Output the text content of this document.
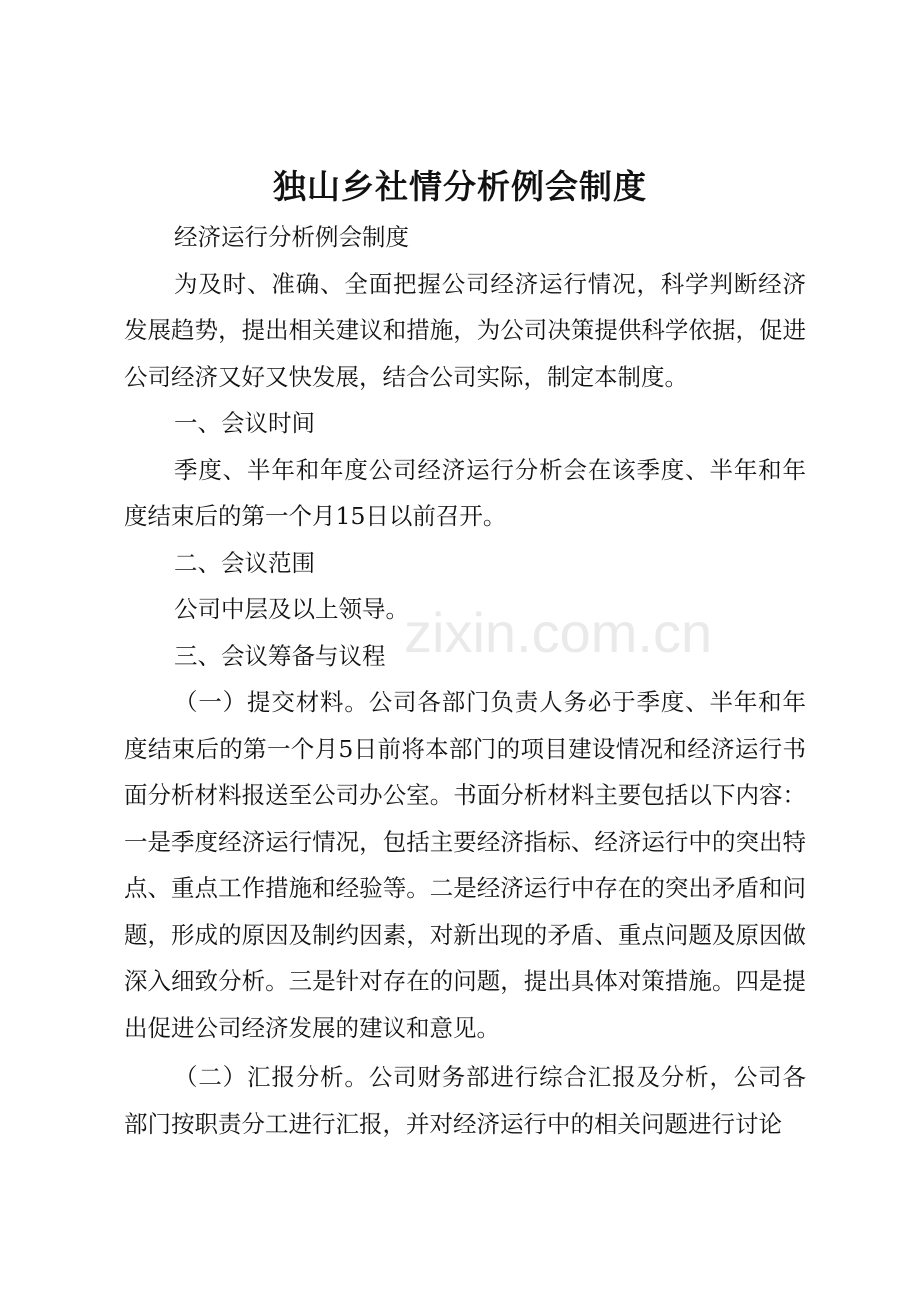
独山乡社情分析例会制度

经济运行分析例会制度

为及时、准确、全面把握公司经济运行情况，科学判断经济发展趋势，提出相关建议和措施，为公司决策提供科学依据，促进公司经济又好又快发展，结合公司实际，制定本制度。

一、会议时间

季度、半年和年度公司经济运行分析会在该季度、半年和年度结束后的第一个月15日以前召开。

二、会议范围

公司中层及以上领导。

三、会议筹备与议程

（一）提交材料。公司各部门负责人务必于季度、半年和年度结束后的第一个月5日前将本部门的项目建设情况和经济运行书面分析材料报送至公司办公室。书面分析材料主要包括以下内容：一是季度经济运行情况，包括主要经济指标、经济运行中的突出特点、重点工作措施和经验等。二是经济运行中存在的突出矛盾和问题，形成的原因及制约因素，对新出现的矛盾、重点问题及原因做深入细致分析。三是针对存在的问题，提出具体对策措施。四是提出促进公司经济发展的建议和意见。

（二）汇报分析。公司财务部进行综合汇报及分析，公司各部门按职责分工进行汇报，并对经济运行中的相关问题进行讨论

zixin.com.cn
